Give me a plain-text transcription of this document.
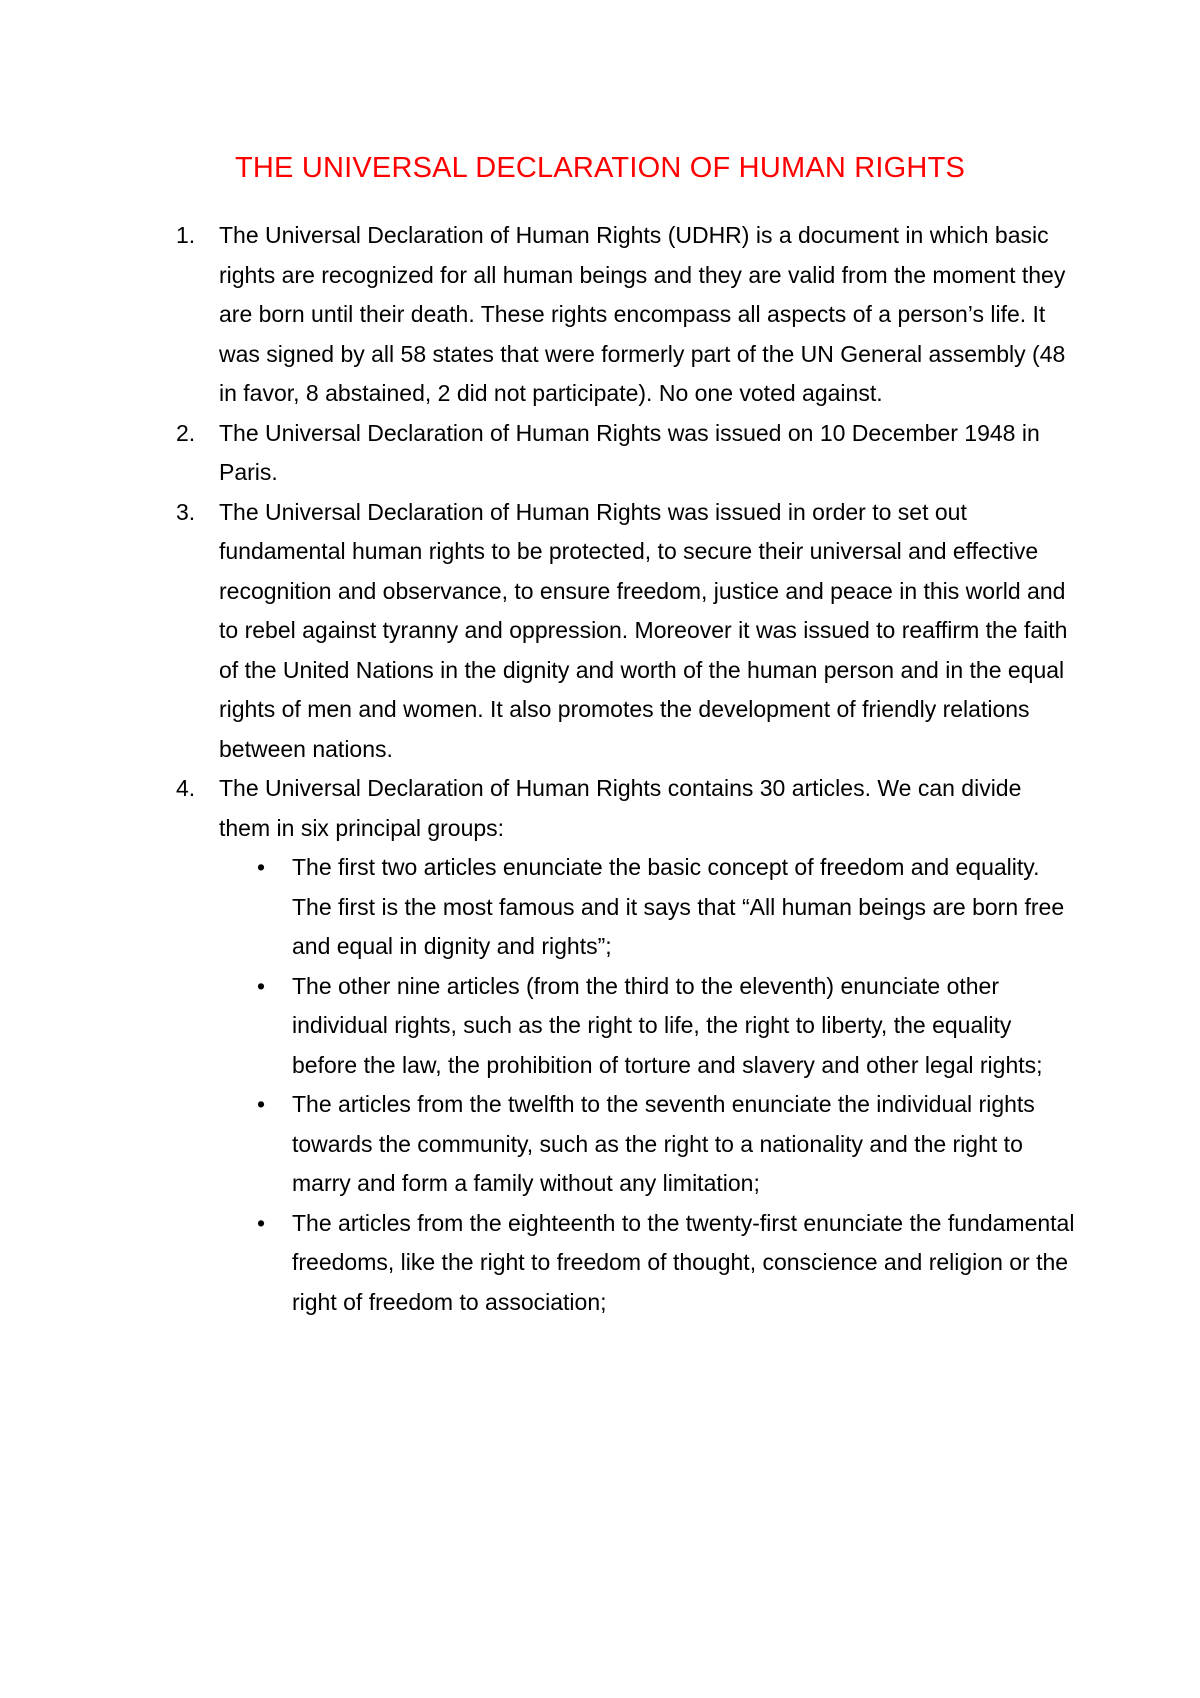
THE UNIVERSAL DECLARATION OF HUMAN RIGHTS
1.	The Universal Declaration of Human Rights (UDHR) is a document in which basic rights are recognized for all human beings and they are valid from the moment they are born until their death. These rights encompass all aspects of a person’s life. It was signed by all 58 states that were formerly part of the UN General assembly (48 in favor, 8 abstained, 2 did not participate). No one voted against.
2.	The Universal Declaration of Human Rights was issued on 10 December 1948 in Paris.
3.	The Universal Declaration of Human Rights was issued in order to set out fundamental human rights to be protected, to secure their universal and effective recognition and observance, to ensure freedom, justice and peace in this world and to rebel against tyranny and oppression. Moreover it was issued to reaffirm the faith of the United Nations in the dignity and worth of the human person and in the equal rights of men and women. It also promotes the development of friendly relations between nations.
4.	The Universal Declaration of Human Rights contains 30 articles. We can divide them in six principal groups:
• The first two articles enunciate the basic concept of freedom and equality. The first is the most famous and it says that “All human beings are born free and equal in dignity and rights”;
• The other nine articles (from the third to the eleventh) enunciate other individual rights, such as the right to life, the right to liberty, the equality before the law, the prohibition of torture and slavery and other legal rights;
• The articles from the twelfth to the seventh enunciate the individual rights towards the community, such as the right to a nationality and the right to marry and form a family without any limitation;
• The articles from the eighteenth to the twenty-first enunciate the fundamental freedoms, like the right to freedom of thought, conscience and religion or the right of freedom to association;
